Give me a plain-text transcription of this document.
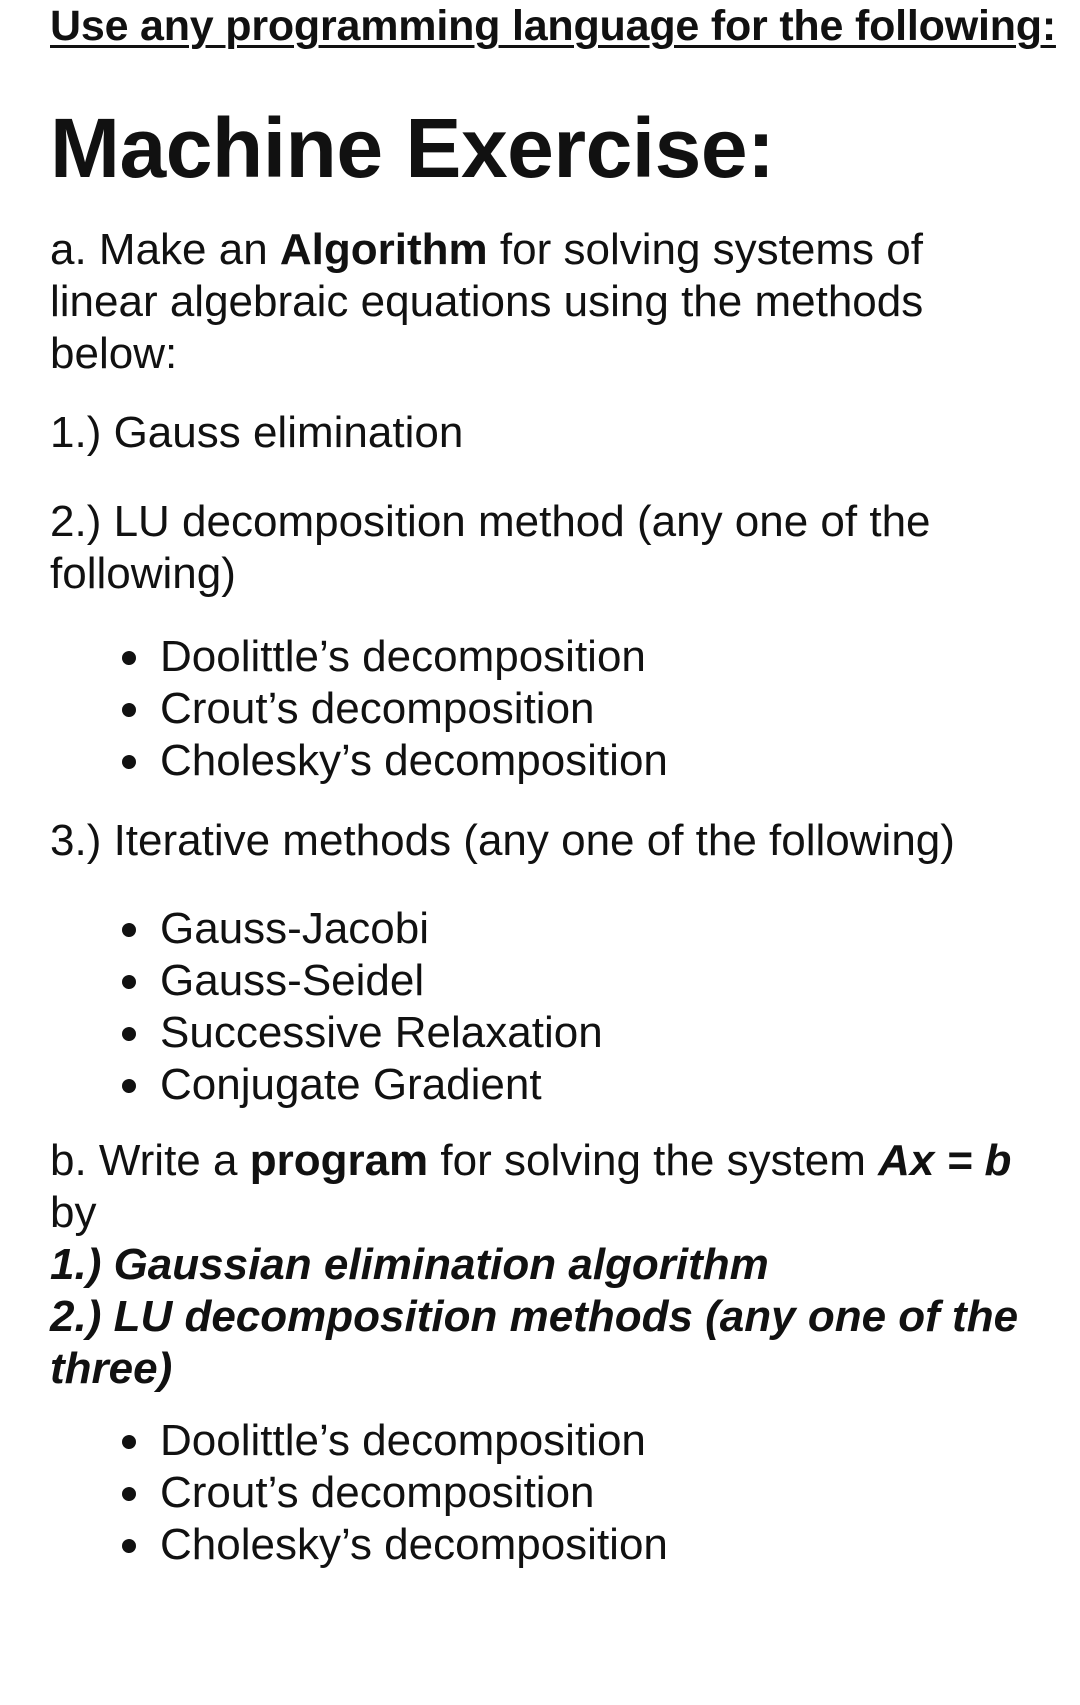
Use any programming language for the following:
Machine Exercise:

a. Make an Algorithm for solving systems of linear algebraic equations using the methods below:

1.) Gauss elimination

2.) LU decomposition method (any one of the following)

Doolittle’s decomposition
Crout’s decomposition
Cholesky’s decomposition

3.) Iterative methods (any one of the following)

Gauss-Jacobi
Gauss-Seidel
Successive Relaxation
Conjugate Gradient

b. Write a program for solving the system Ax = b
by
1.) Gaussian elimination algorithm
2.) LU decomposition methods (any one of the three)

Doolittle’s decomposition
Crout’s decomposition
Cholesky’s decomposition
